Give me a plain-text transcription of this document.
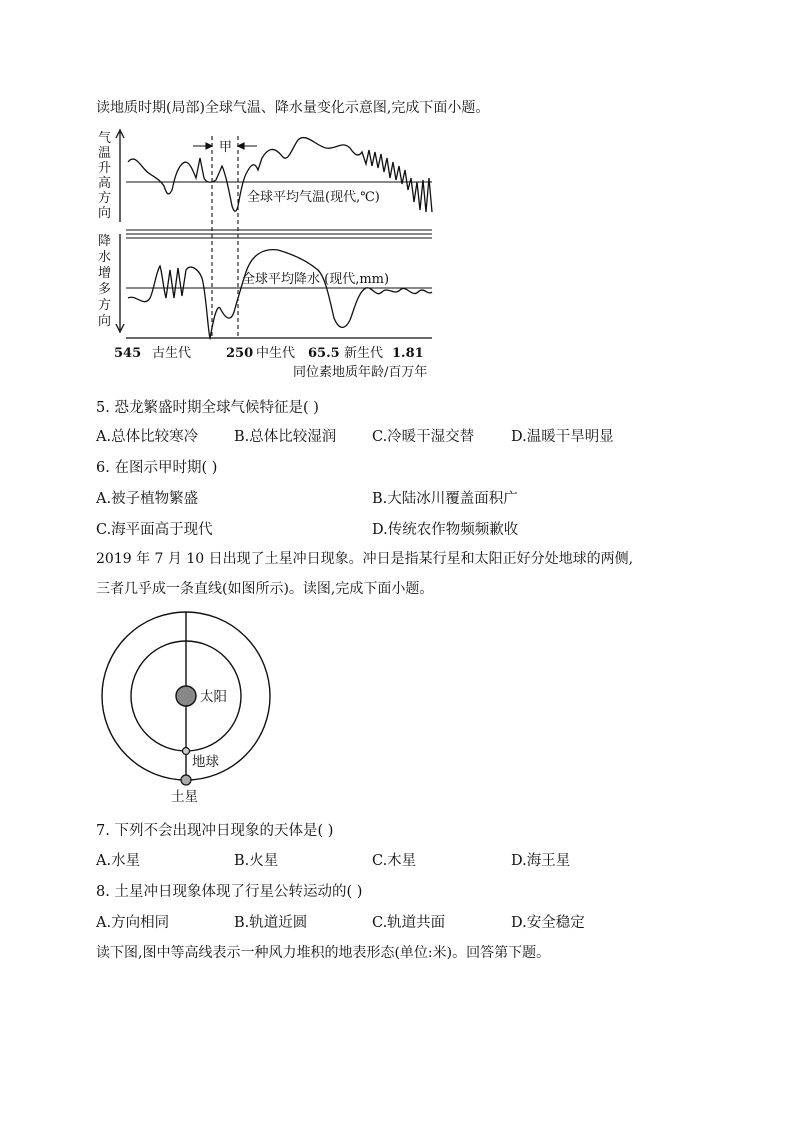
读地质时期(局部)全球气温、降水量变化示意图,完成下面小题。
气
温
升
高
方
向
降
水
增
多
方
向
甲
全球平均气温(现代,℃)
全球平均降水 (现代,mm)
545 古生代	250 中生代 65.5 新生代 1.81
同位素地质年龄/百万年
5. 恐龙繁盛时期全球气候特征是( )
A.总体比较寒冷 B.总体比较湿润 C.冷暖干湿交替	D.温暖干旱明显
6. 在图示甲时期( )
A.被子植物繁盛	B.大陆冰川覆盖面积广
C.海平面高于现代	D.传统农作物频频歉收
2019 年 7 月 10 日出现了土星冲日现象。冲日是指某行星和太阳正好分处地球的两侧,
三者几乎成一条直线(如图所示)。读图,完成下面小题。
太阳
地球
土星
7. 下列不会出现冲日现象的天体是( )
A.水星	B.火星	C.木星	D.海王星
8. 土星冲日现象体现了行星公转运动的( )
A.方向相同	B.轨道近圆	C.轨道共面	D.安全稳定
读下图,图中等高线表示一种风力堆积的地表形态(单位:米)。回答第下题。
